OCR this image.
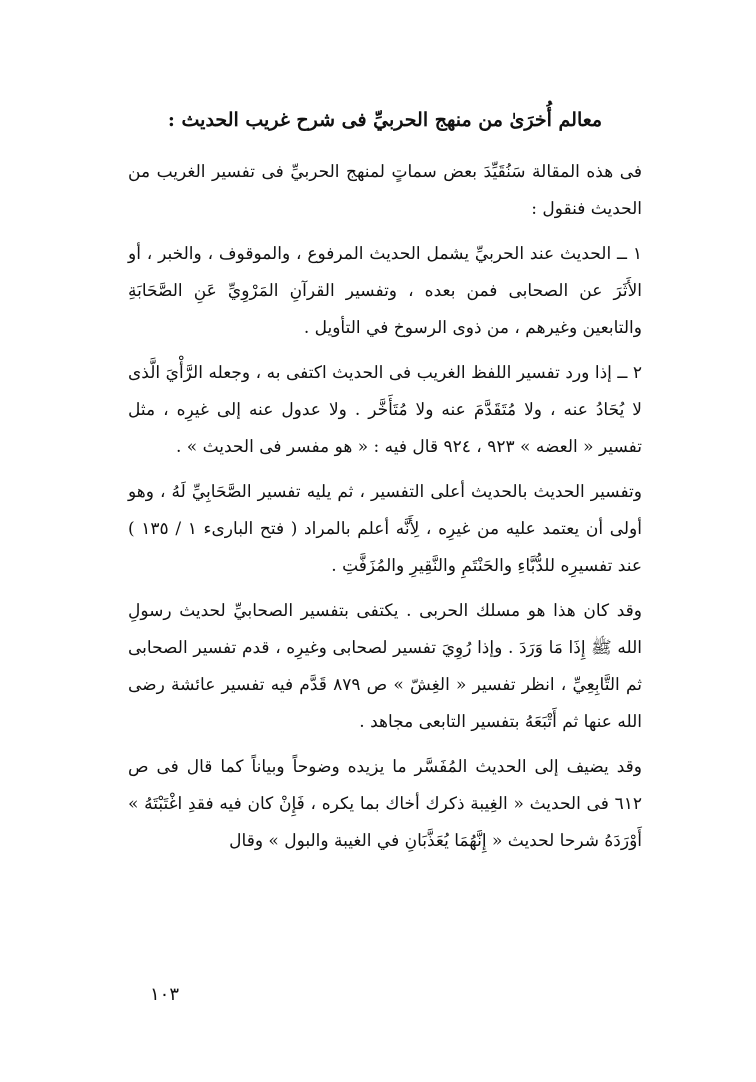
معالم أُخرَىٰ من منهج الحربيِّ فى شرح غريب الحديث :

فى هذه المقالة سَنُقَيِّدَ بعض سماتٍ لمنهج الحربيِّ فى تفسير الغريب من الحديث فنقول :

١ ــ الحديث عند الحربيِّ يشمل الحديث المرفوع ، والموقوف ، والخبر ، أو الأَثَرَ عن الصحابى فمن بعده ، وتفسير القرآنِ المَرْوِيِّ عَنِ الصَّحَابَةِ والتابعين وغيرهم ، من ذوى الرسوخ في التأويل .

٢ ــ إذا ورد تفسير اللفظ الغريب فى الحديث اكتفى به ، وجعله الرَّأْيَ الَّذى لا يُحَادُ عنه ، ولا مُتَقَدَّمَ عنه ولا مُتَأَخَّر . ولا عدول عنه إلى غيرِه ، مثل تفسير « العضه » ٩٢٣ ، ٩٢٤ قال فيه : « هو مفسر فى الحديث » .

وتفسير الحديث بالحديث أعلى التفسير ، ثم يليه تفسير الصَّحَابِيِّ لَهُ ، وهو أولى أن يعتمد عليه من غيرِه ، لِأَنَّه أعلم بالمراد ( فتح البارىء ١ / ١٣٥ ) عند تفسيرِه للدُّبَّاءِ والحَنْتَمِ والنَّقِيرِ والمُزَفَّتِ .

وقد كان هذا هو مسلك الحربى . يكتفى بتفسير الصحابيِّ لحديث رسولِ الله ﷺ إِذَا مَا وَرَدَ . وإذا رُوِيَ تفسير لصحابى وغيرِه ، قدم تفسير الصحابى ثم التَّابِعِيِّ ، انظر تفسير « الغِشّ » ص ٨٧٩ قَدَّم فيه تفسير عائشة رضى الله عنها ثم أَتْبَعَهُ بتفسير التابعى مجاهد .

وقد يضيف إلى الحديث المُفَسَّر ما يزيده وضوحاً وبياناً كما قال فى ص ٦١٢ فى الحديث « الغِيبة ذكرك أخاك بما يكره ، فَإِنْ كان فيه فقدِ اغْتَبْتَهُ » أَوْرَدَهُ شرحا لحديث « إِنَّهُمَا يُعَذَّبَانِ في الغيبة والبول » وقال

١٠٣
